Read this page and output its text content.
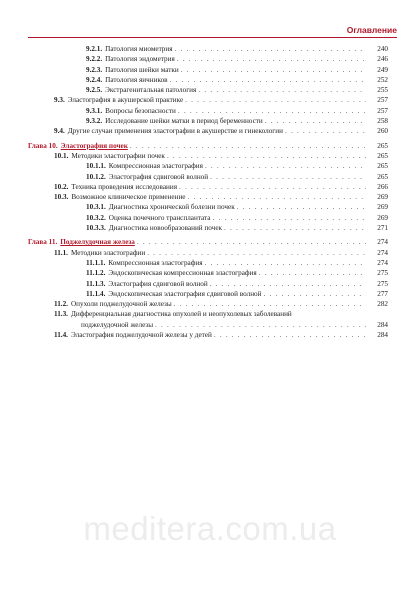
Оглавление
9.2.1. Патология миометрия . . .	240
9.2.2. Патология эндометрия . . .	246
9.2.3. Патология шейки матки . . .	249
9.2.4. Патология яичников . . .	252
9.2.5. Экстрагенитальная патология . . .	255
9.3. Эластография в акушерской практике . . .	257
9.3.1. Вопросы безопасности . . .	257
9.3.2. Исследование шейки матки в период беременности . . .	258
9.4. Другие случаи применения эластографии в акушерстве и гинекологии . . .	260
Глава 10. Эластография почек . . .	265
10.1. Методики эластографии почек . . .	265
10.1.1. Компрессионная эластография . . .	265
10.1.2. Эластография сдвиговой волной . . .	265
10.2. Техника проведения исследования . . .	266
10.3. Возможное клиническое применение . . .	269
10.3.1. Диагностика хронической болезни почек . . .	269
10.3.2. Оценка почечного трансплантата . . .	269
10.3.3. Диагностика новообразований почек . . .	271
Глава 11. Поджелудочная железа . . .	274
11.1. Методики эластографии . . .	274
11.1.1. Компрессионная эластография . . .	274
11.1.2. Эндоскопическая компрессионная эластография . . .	275
11.1.3. Эластография сдвиговой волной . . .	275
11.1.4. Эндоскопическая эластография сдвиговой волной . . .	277
11.2. Опухоли поджелудочной железы . . .	282
11.3. Дифференциальная диагностика опухолей и неопухолевых заболеваний
поджелудочной железы . . .	284
11.4. Эластография поджелудочной железы у детей . . .	284
meditera.com.ua
